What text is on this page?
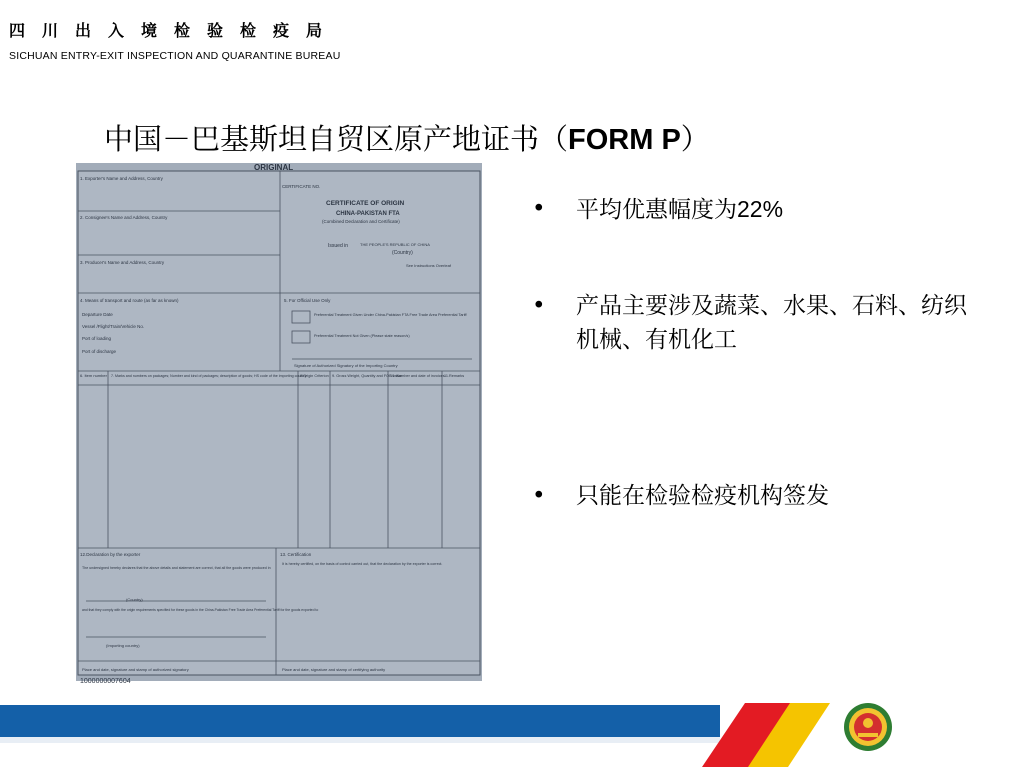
四川出入境检验检疫局
SICHUAN ENTRY-EXIT INSPECTION AND QUARANTINE BUREAU
中国－巴基斯坦自贸区原产地证书（FORM P）
ORIGINAL
1. Exporter's Name and Address, Country
CERTIFICATE NO.
CERTIFICATE OF ORIGIN
CHINA-PAKISTAN FTA
(Combined Declaration and Certificate)
Issued in	THE PEOPLE'S REPUBLIC OF CHINA
(Country)
See Instructions Overleaf
2. Consignee's Name and Address, Country
3. Producer's Name and Address, Country
4. Means of transport and route (as far as known)
Departure Date
Vessel /Flight/Train/Vehicle No.
Port of loading
Port of discharge
5. For Official Use Only
Preferential Treatment Given Under China-Pakistan FTA Free Trade Area Preferential Tariff
Preferential Treatment Not Given (Please state reason/s)
Signature of Authorized Signatory of the Importing Country
6. Item number 7. Marks and numbers on packages; Number and kind of packages; description of goods; HS code of the importing country
8.Origin Criterion 9. Gross Weight, Quantity and FOB value
10. Number and date of invoices 11.Remarks
12.Declaration by the exporter
The undersigned hereby declares that the above details and statement are correct, that all the goods were produced in
(Country)
and that they comply with the origin requirements specified for these goods in the China-Pakistan Free Trade Area Preferential Tariff for the goods exported to
(Importing country)
Place and date, signature and stamp of authorized signatory
13. Certification
It is hereby certified, on the basis of control carried out, that the declaration by the exporter is correct.
Place and date, signature and stamp of certifying authority
1000000007604
• 平均优惠幅度为22%
• 产品主要涉及蔬菜、水果、石料、纺织机械、有机化工
• 只能在检验检疫机构签发
